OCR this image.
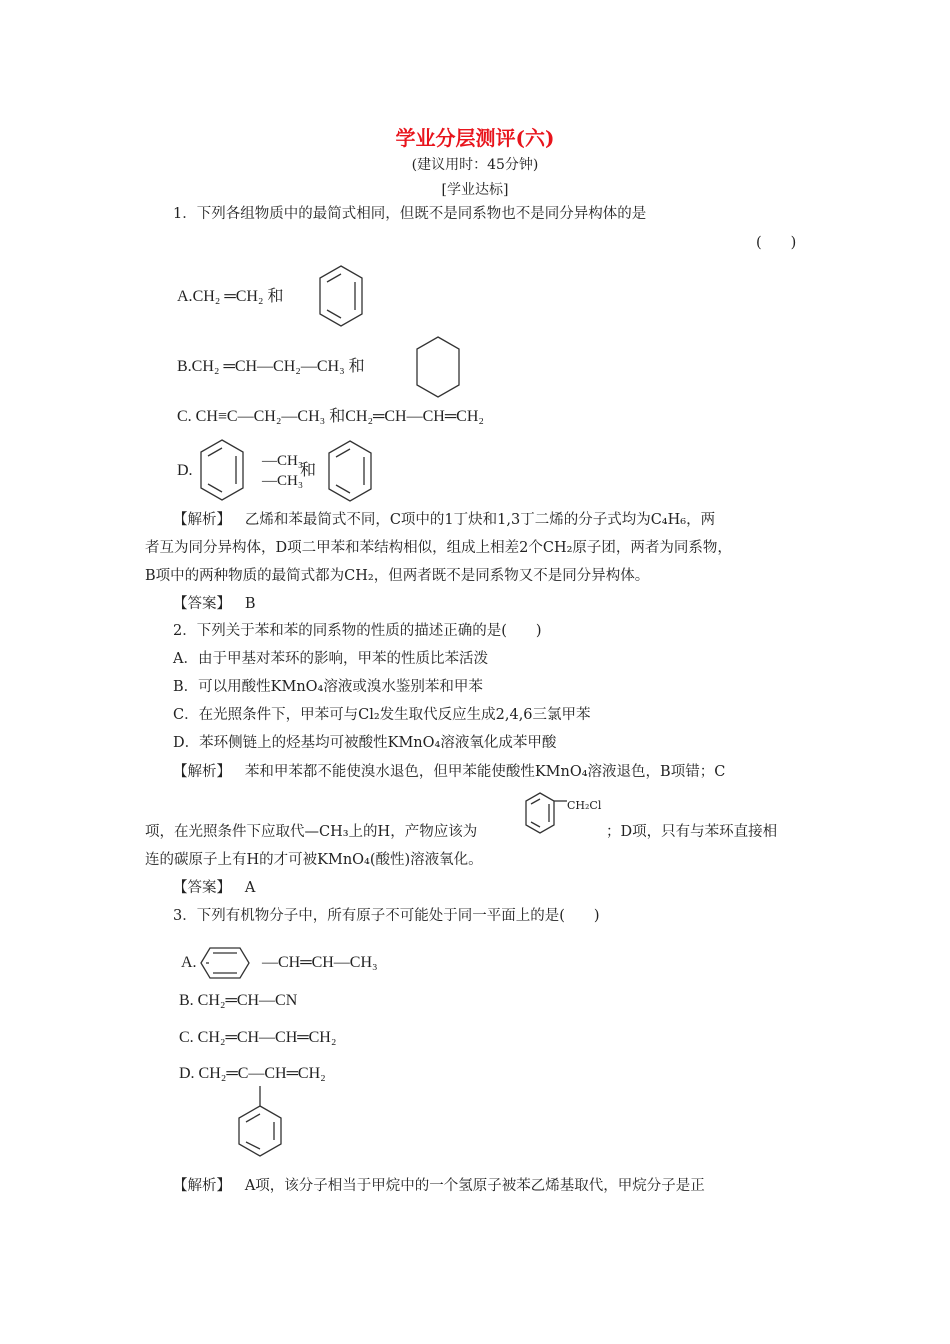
学业分层测评(六)
(建议用时：45分钟)
[学业达标]
1．下列各组物质中的最简式相同，但既不是同系物也不是同分异构体的是
(　　)
A.CH₂ ═CH₂ 和
B.CH₂ ═CH—CH₂—CH₃ 和
C. CH≡C—CH₂—CH₃ 和CH₂═CH—CH═CH₂
D.
—CH₃
—CH₃
和
【解析】 乙烯和苯最简式不同，C项中的1丁炔和1,3丁二烯的分子式均为C₄H₆，两
者互为同分异构体，D项二甲苯和苯结构相似，组成上相差2个CH₂原子团，两者为同系物，
B项中的两种物质的最简式都为CH₂，但两者既不是同系物又不是同分异构体。
【答案】 B
2．下列关于苯和苯的同系物的性质的描述正确的是(　　)
A．由于甲基对苯环的影响，甲苯的性质比苯活泼
B．可以用酸性KMnO₄溶液或溴水鉴别苯和甲苯
C．在光照条件下，甲苯可与Cl₂发生取代反应生成2,4,6三氯甲苯
D．苯环侧链上的烃基均可被酸性KMnO₄溶液氧化成苯甲酸
【解析】 苯和甲苯都不能使溴水退色，但甲苯能使酸性KMnO₄溶液退色，B项错；C
项，在光照条件下应取代—CH₃上的H，产物应该为
CH₂Cl
；D项，只有与苯环直接相
连的碳原子上有H的才可被KMnO₄(酸性)溶液氧化。
【答案】 A
3．下列有机物分子中，所有原子不可能处于同一平面上的是(　　)
A.	—CH═CH—CH₃
B. CH₂═CH—CN
C. CH₂═CH—CH═CH₂
D. CH₂═C—CH═CH₂
【解析】 A项，该分子相当于甲烷中的一个氢原子被苯乙烯基取代，甲烷分子是正
